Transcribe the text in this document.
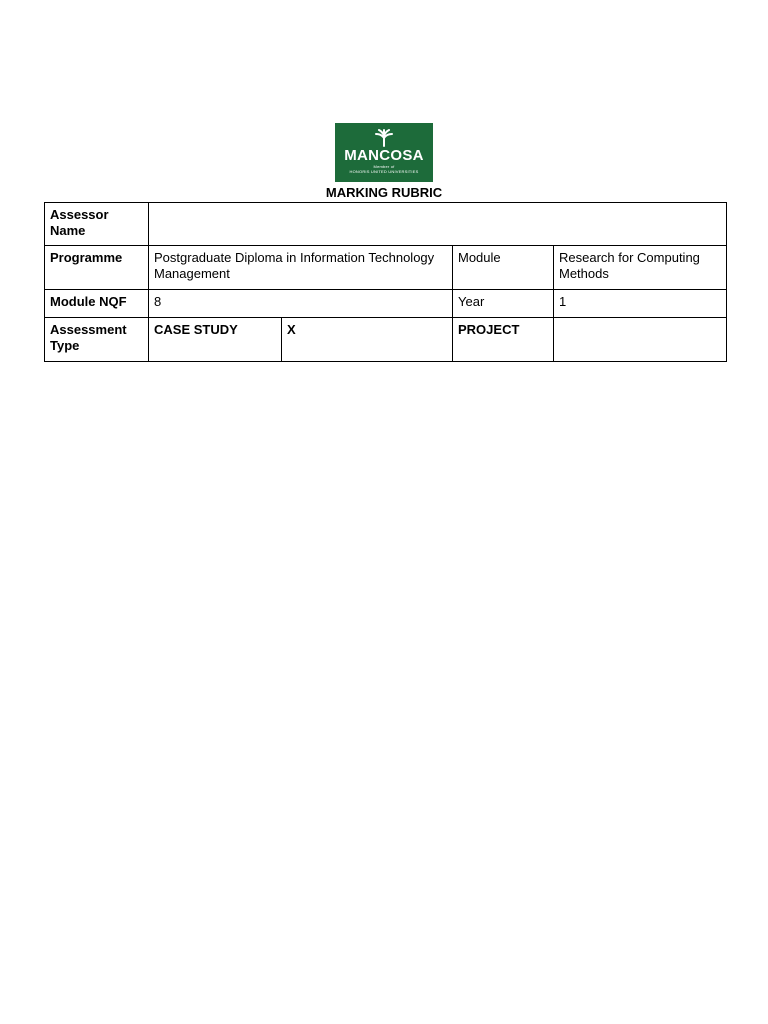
MANCOSA
Member of
HONORIS UNITED UNIVERSITIES
MARKING RUBRIC
Assessor Name				
Programme	Postgraduate Diploma in Information Technology Management		Module	Research for Computing Methods
Module NQF	8		Year	1
Assessment Type	CASE STUDY	X	PROJECT	
